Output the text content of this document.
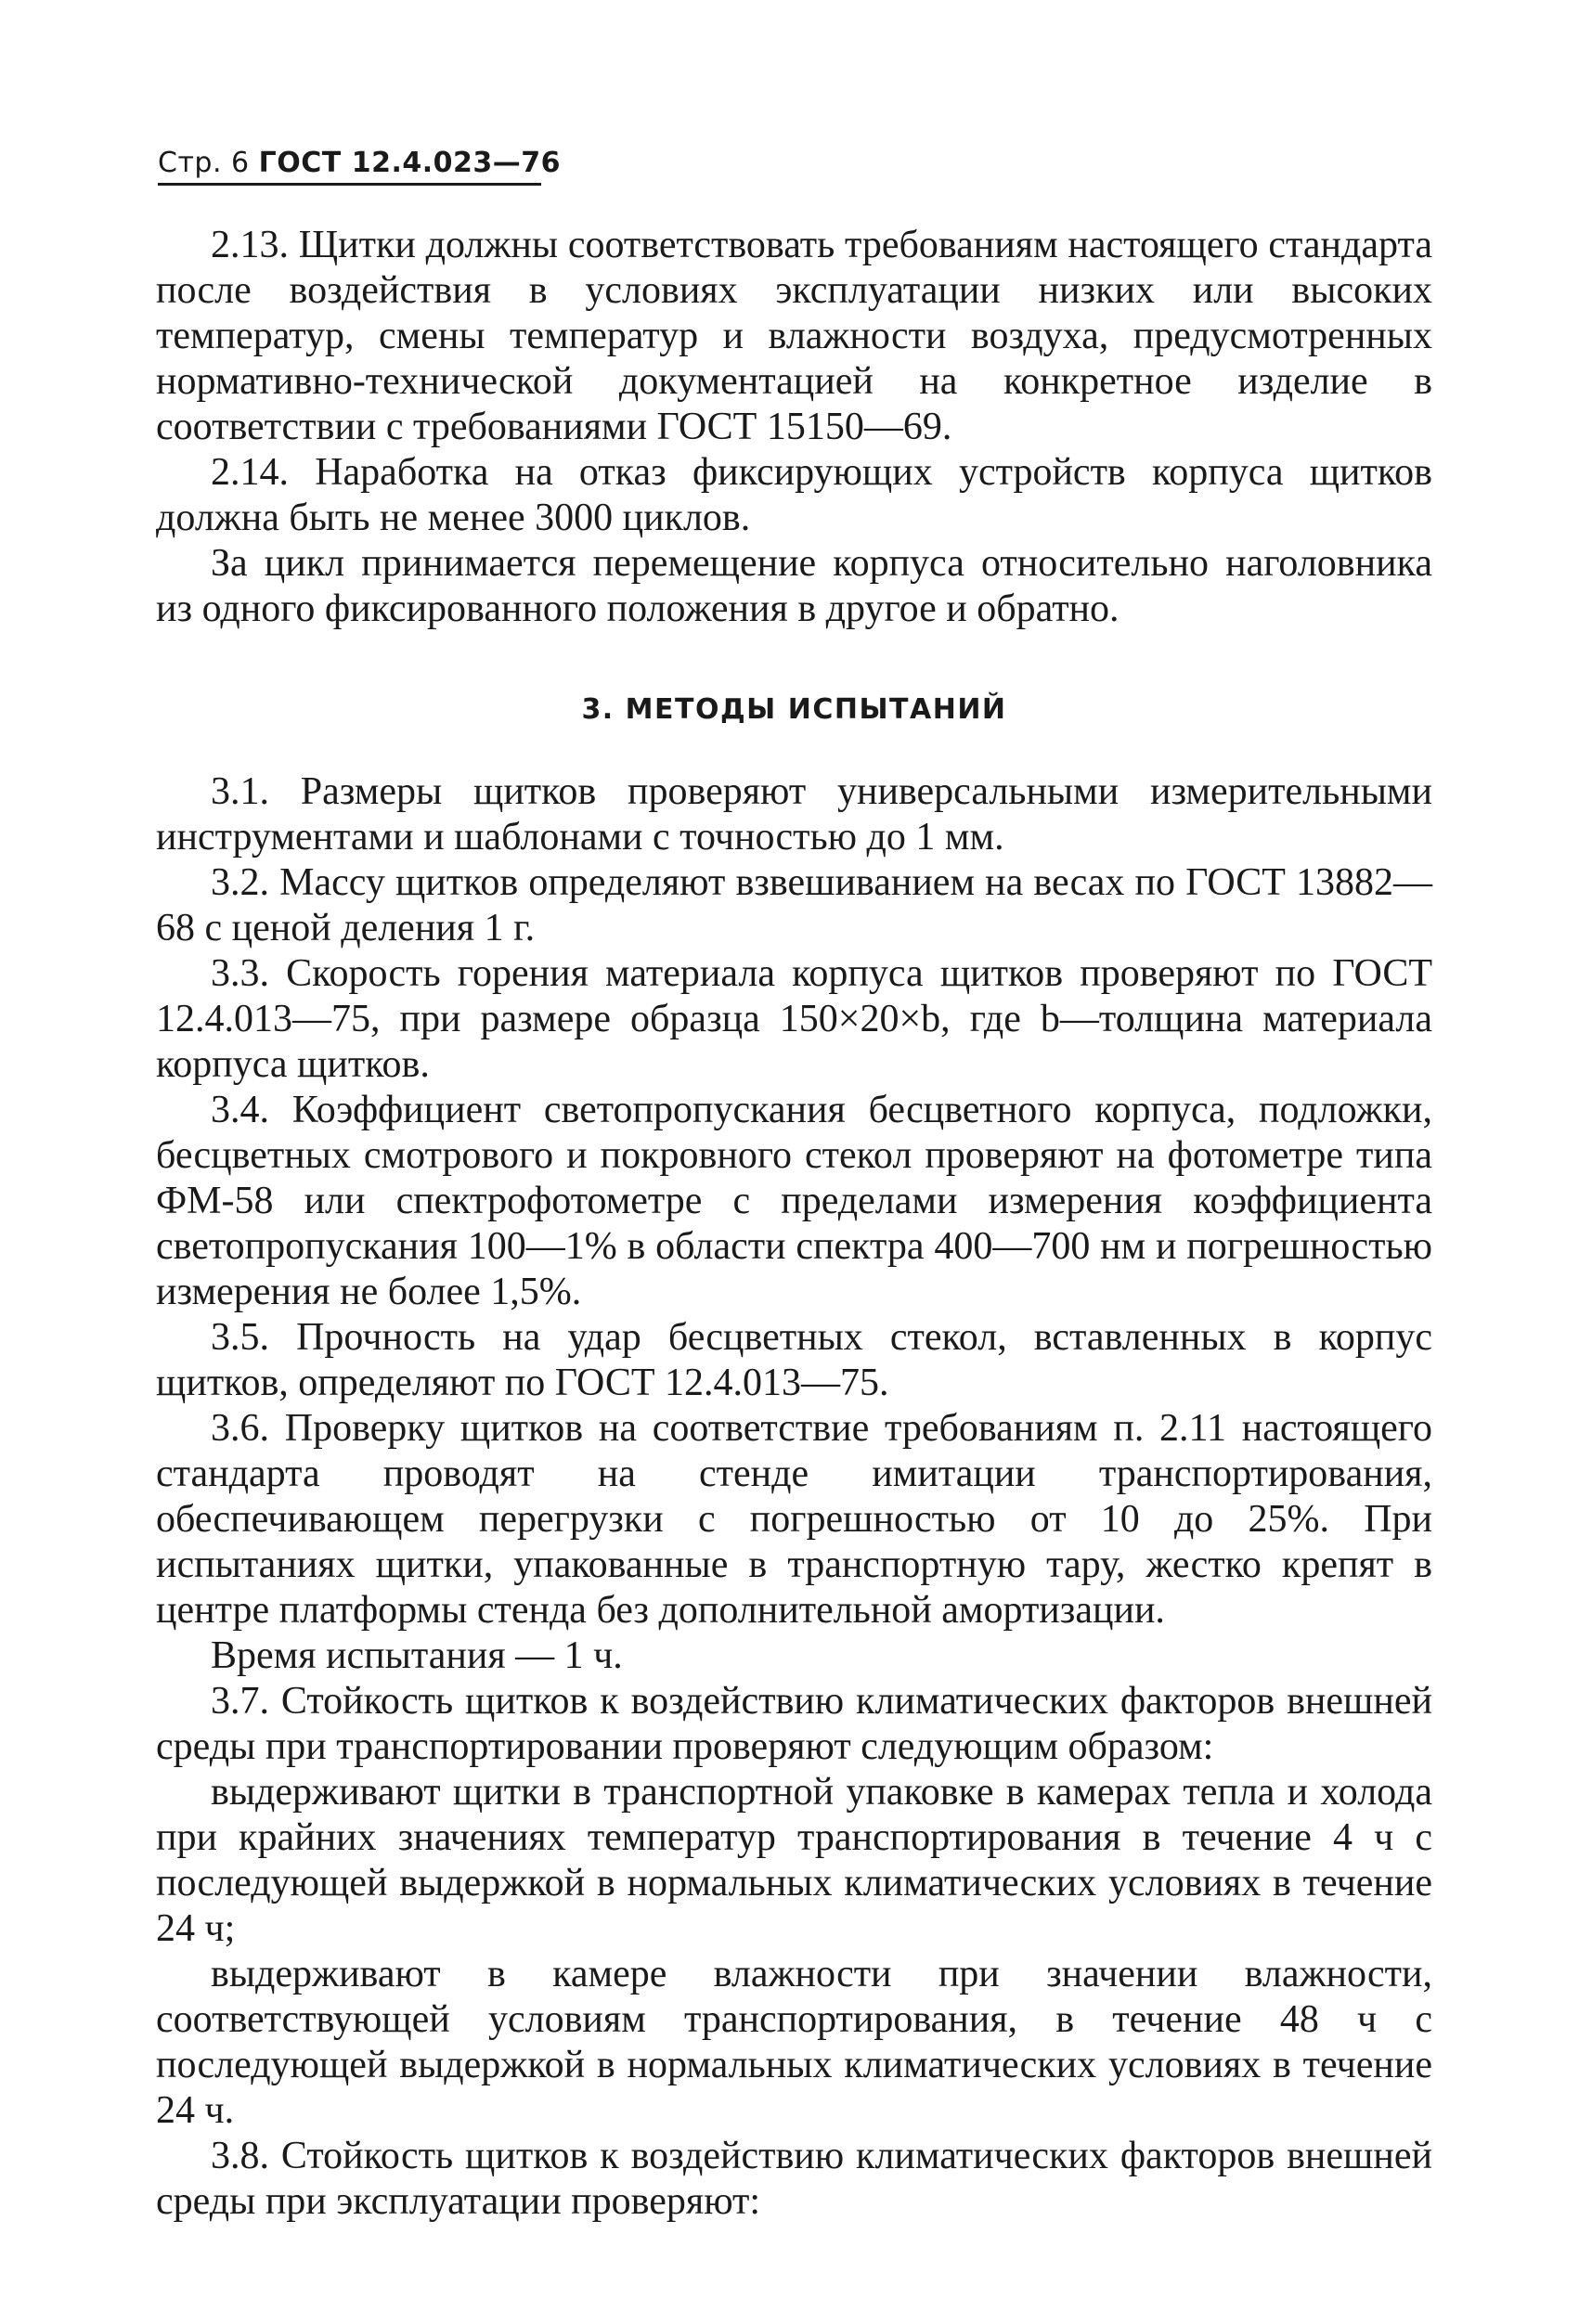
Стр. 6 ГОСТ 12.4.023—76

2.13. Щитки должны соответствовать требованиям настоящего стандарта после воздействия в условиях эксплуатации низких или высоких температур, смены температур и влажности воздуха, предусмотренных нормативно-технической документацией на конкретное изделие в соответствии с требованиями ГОСТ 15150—69.

2.14. Наработка на отказ фиксирующих устройств корпуса щитков должна быть не менее 3000 циклов.

За цикл принимается перемещение корпуса относительно наголовника из одного фиксированного положения в другое и обратно.

3. МЕТОДЫ ИСПЫТАНИЙ

3.1. Размеры щитков проверяют универсальными измерительными инструментами и шаблонами с точностью до 1 мм.

3.2. Массу щитков определяют взвешиванием на весах по ГОСТ 13882—68 с ценой деления 1 г.

3.3. Скорость горения материала корпуса щитков проверяют по ГОСТ 12.4.013—75, при размере образца 150×20×b, где b—толщина материала корпуса щитков.

3.4. Коэффициент светопропускания бесцветного корпуса, подложки, бесцветных смотрового и покровного стекол проверяют на фотометре типа ФМ-58 или спектрофотометре с пределами измерения коэффициента светопропускания 100—1% в области спектра 400—700 нм и погрешностью измерения не более 1,5%.

3.5. Прочность на удар бесцветных стекол, вставленных в корпус щитков, определяют по ГОСТ 12.4.013—75.

3.6. Проверку щитков на соответствие требованиям п. 2.11 настоящего стандарта проводят на стенде имитации транспортирования, обеспечивающем перегрузки с погрешностью от 10 до 25%. При испытаниях щитки, упакованные в транспортную тару, жестко крепят в центре платформы стенда без дополнительной амортизации.

Время испытания — 1 ч.

3.7. Стойкость щитков к воздействию климатических факторов внешней среды при транспортировании проверяют следующим образом:

выдерживают щитки в транспортной упаковке в камерах тепла и холода при крайних значениях температур транспортирования в течение 4 ч с последующей выдержкой в нормальных климатических условиях в течение 24 ч;

выдерживают в камере влажности при значении влажности, соответствующей условиям транспортирования, в течение 48 ч с последующей выдержкой в нормальных климатических условиях в течение 24 ч.

3.8. Стойкость щитков к воздействию климатических факторов внешней среды при эксплуатации проверяют:
